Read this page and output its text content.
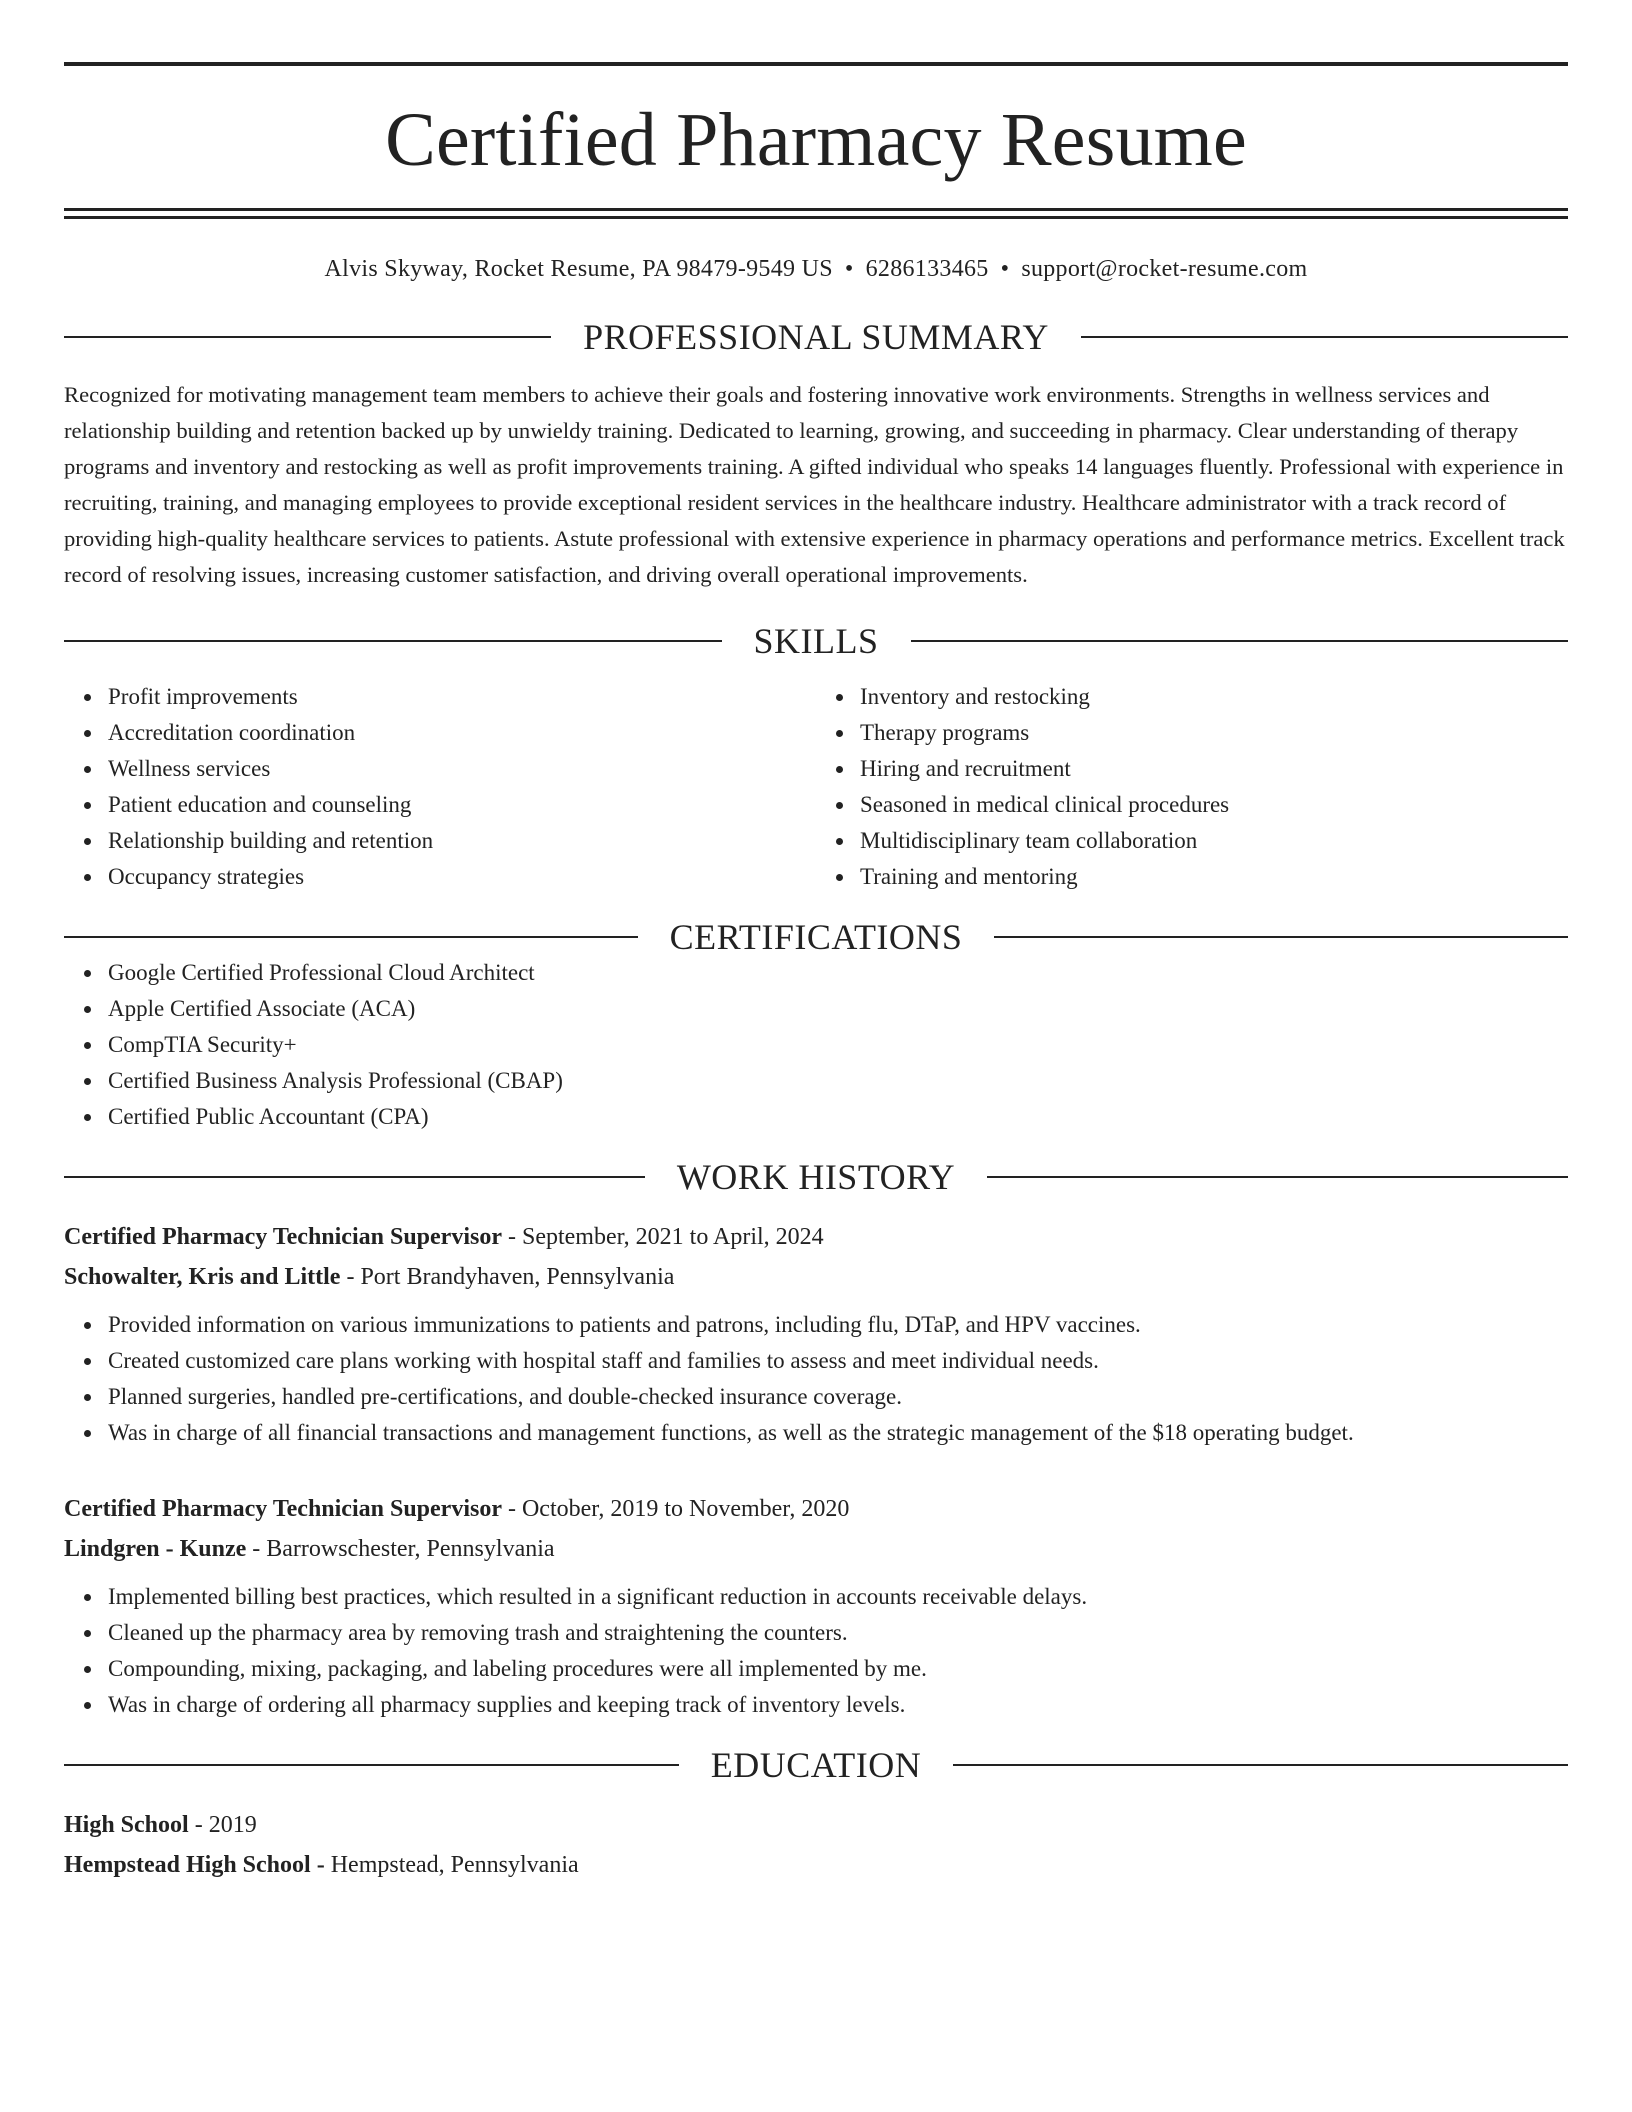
Certified Pharmacy Resume
Alvis Skyway, Rocket Resume, PA 98479-9549 US • 6286133465 • support@rocket-resume.com
PROFESSIONAL SUMMARY
Recognized for motivating management team members to achieve their goals and fostering innovative work environments. Strengths in wellness services and relationship building and retention backed up by unwieldy training. Dedicated to learning, growing, and succeeding in pharmacy. Clear understanding of therapy programs and inventory and restocking as well as profit improvements training. A gifted individual who speaks 14 languages fluently. Professional with experience in recruiting, training, and managing employees to provide exceptional resident services in the healthcare industry. Healthcare administrator with a track record of providing high-quality healthcare services to patients. Astute professional with extensive experience in pharmacy operations and performance metrics. Excellent track record of resolving issues, increasing customer satisfaction, and driving overall operational improvements.
SKILLS
Profit improvements
Accreditation coordination
Wellness services
Patient education and counseling
Relationship building and retention
Occupancy strategies
Inventory and restocking
Therapy programs
Hiring and recruitment
Seasoned in medical clinical procedures
Multidisciplinary team collaboration
Training and mentoring
CERTIFICATIONS
Google Certified Professional Cloud Architect
Apple Certified Associate (ACA)
CompTIA Security+
Certified Business Analysis Professional (CBAP)
Certified Public Accountant (CPA)
WORK HISTORY
Certified Pharmacy Technician Supervisor - September, 2021 to April, 2024
Schowalter, Kris and Little - Port Brandyhaven, Pennsylvania
Provided information on various immunizations to patients and patrons, including flu, DTaP, and HPV vaccines.
Created customized care plans working with hospital staff and families to assess and meet individual needs.
Planned surgeries, handled pre-certifications, and double-checked insurance coverage.
Was in charge of all financial transactions and management functions, as well as the strategic management of the $18 operating budget.
Certified Pharmacy Technician Supervisor - October, 2019 to November, 2020
Lindgren - Kunze - Barrowschester, Pennsylvania
Implemented billing best practices, which resulted in a significant reduction in accounts receivable delays.
Cleaned up the pharmacy area by removing trash and straightening the counters.
Compounding, mixing, packaging, and labeling procedures were all implemented by me.
Was in charge of ordering all pharmacy supplies and keeping track of inventory levels.
EDUCATION
High School - 2019
Hempstead High School - Hempstead, Pennsylvania
